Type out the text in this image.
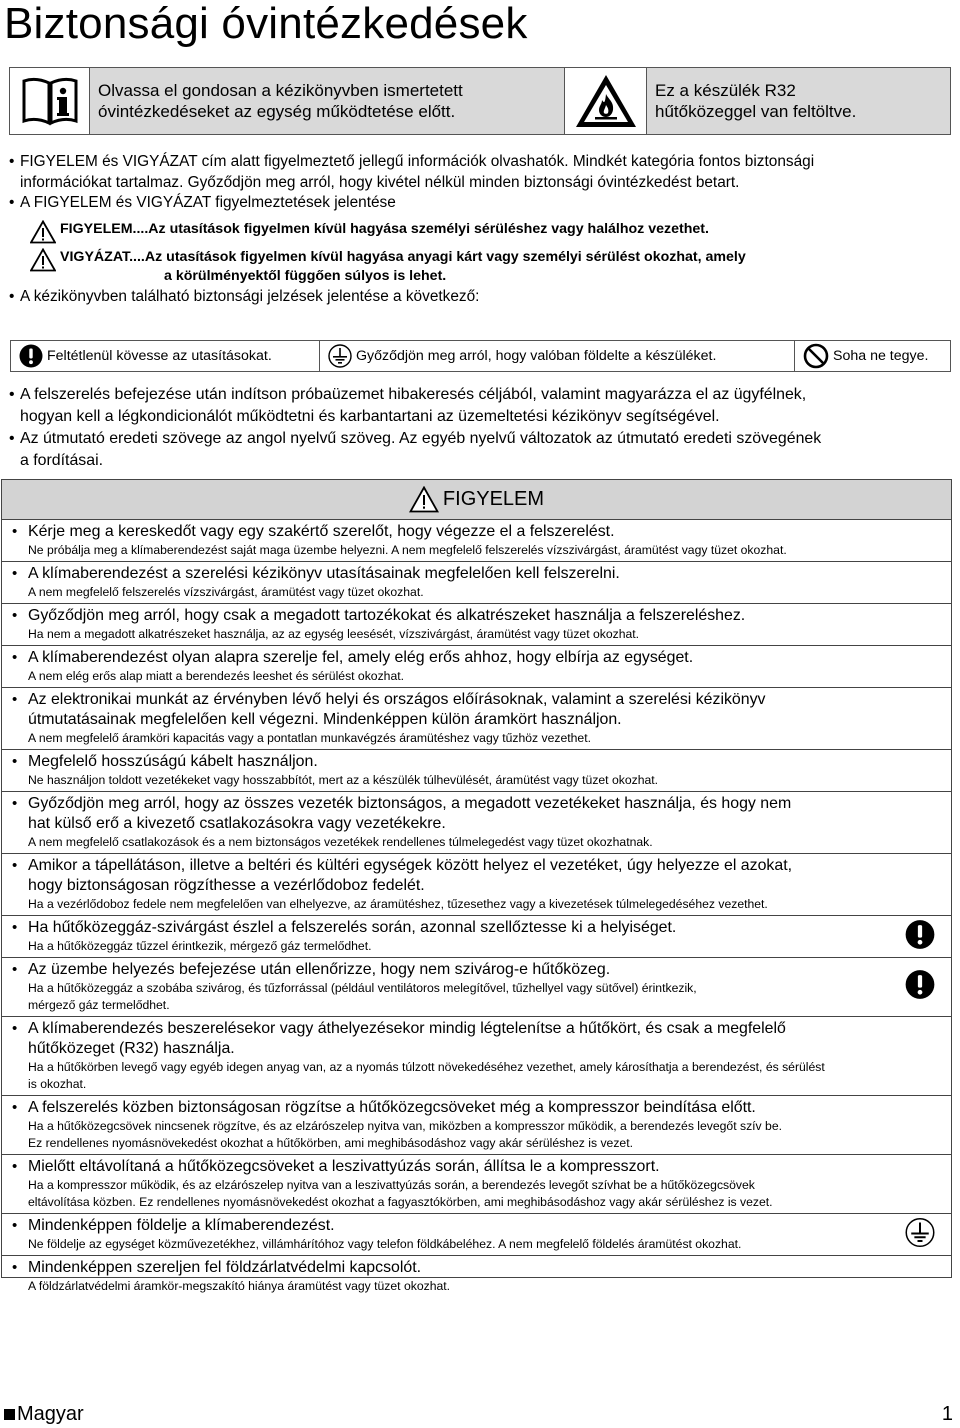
Biztonsági óvintézkedések
Olvassa el gondosan a kézikönyvben ismertetett
óvintézkedéseket az egység működtetése előtt.
Ez a készülék R32
hűtőközeggel van feltöltve.
• FIGYELEM és VIGYÁZAT cím alatt figyelmeztető jellegű információk olvashatók. Mindkét kategória fontos biztonsági
információkat tartalmaz. Győződjön meg arról, hogy kivétel nélkül minden biztonsági óvintézkedést betart.
• A FIGYELEM és VIGYÁZAT figyelmeztetések jelentése
FIGYELEM ....Az utasítások figyelmen kívül hagyása személyi sérüléshez vagy halálhoz vezethet.
VIGYÁZAT....Az utasítások figyelmen kívül hagyása anyagi kárt vagy személyi sérülést okozhat, amely
a körülményektől függően súlyos is lehet.
• A kézikönyvben található biztonsági jelzések jelentése a következő:
Feltétlenül kövesse az utasításokat.	Győződjön meg arról, hogy valóban földelte a készüléket.	Soha ne tegye.
• A felszerelés befejezése után indítson próbaüzemet hibakeresés céljából, valamint magyarázza el az ügyfélnek,
hogyan kell a légkondicionálót működtetni és karbantartani az üzemeltetési kézikönyv segítségével.
• Az útmutató eredeti szövege az angol nyelvű szöveg. Az egyéb nyelvű változatok az útmutató eredeti szövegének
a fordításai.
FIGYELEM
• Kérje meg a kereskedőt vagy egy szakértő szerelőt, hogy végezze el a felszerelést.
Ne próbálja meg a klímaberendezést saját maga üzembe helyezni. A nem megfelelő felszerelés vízszivárgást, áramütést vagy tüzet okozhat.
• A klímaberendezést a szerelési kézikönyv utasításainak megfelelően kell felszerelni.
A nem megfelelő felszerelés vízszivárgást, áramütést vagy tüzet okozhat.
• Győződjön meg arról, hogy csak a megadott tartozékokat és alkatrészeket használja a felszereléshez.
Ha nem a megadott alkatrészeket használja, az az egység leesését, vízszivárgást, áramütést vagy tüzet okozhat.
• A klímaberendezést olyan alapra szerelje fel, amely elég erős ahhoz, hogy elbírja az egységet.
A nem elég erős alap miatt a berendezés leeshet és sérülést okozhat.
• Az elektronikai munkát az érvényben lévő helyi és országos előírásoknak, valamint a szerelési kézikönyv
útmutatásainak megfelelően kell végezni. Mindenképpen külön áramkört használjon.
A nem megfelelő áramköri kapacitás vagy a pontatlan munkavégzés áramütéshez vagy tűzhöz vezethet.
• Megfelelő hosszúságú kábelt használjon.
Ne használjon toldott vezetékeket vagy hosszabbítót, mert az a készülék túlhevülését, áramütést vagy tüzet okozhat.
• Győződjön meg arról, hogy az összes vezeték biztonságos, a megadott vezetékeket használja, és hogy nem
hat külső erő a kivezető csatlakozásokra vagy vezetékekre.
A nem megfelelő csatlakozások és a nem biztonságos vezetékek rendellenes túlmelegedést vagy tüzet okozhatnak.
• Amikor a tápellátáson, illetve a beltéri és kültéri egységek között helyez el vezetéket, úgy helyezze el azokat,
hogy biztonságosan rögzíthesse a vezérlődoboz fedelét.
Ha a vezérlődoboz fedele nem megfelelően van elhelyezve, az áramütéshez, tűzesethez vagy a kivezetések túlmelegedéséhez vezethet.
• Ha hűtőközeggáz-szivárgást észlel a felszerelés során, azonnal szellőztesse ki a helyiséget.
Ha a hűtőközeggáz tűzzel érintkezik, mérgező gáz termelődhet.
• Az üzembe helyezés befejezése után ellenőrizze, hogy nem szivárog-e hűtőközeg.
Ha a hűtőközeggáz a szobába szivárog, és tűzforrással (például ventilátoros melegítővel, tűzhellyel vagy sütővel) érintkezik,
mérgező gáz termelődhet.
• A klímaberendezés beszerelésekor vagy áthelyezésekor mindig légtelenítse a hűtőkört, és csak a megfelelő
hűtőközeget (R32) használja.
Ha a hűtőkörben levegő vagy egyéb idegen anyag van, az a nyomás túlzott növekedéséhez vezethet, amely károsíthatja a berendezést, és sérülést
is okozhat.
• A felszerelés közben biztonságosan rögzítse a hűtőközegcsöveket még a kompresszor beindítása előtt.
Ha a hűtőközegcsövek nincsenek rögzítve, és az elzárószelep nyitva van, miközben a kompresszor működik, a berendezés levegőt szív be.
Ez rendellenes nyomásnövekedést okozhat a hűtőkörben, ami meghibásodáshoz vagy akár sérüléshez is vezet.
• Mielőtt eltávolítaná a hűtőközegcsöveket a leszivattyúzás során, állítsa le a kompresszort.
Ha a kompresszor működik, és az elzárószelep nyitva van a leszivattyúzás során, a berendezés levegőt szívhat be a hűtőközegcsövek
eltávolítása közben. Ez rendellenes nyomásnövekedést okozhat a fagyasztókörben, ami meghibásodáshoz vagy akár sérüléshez is vezet.
• Mindenképpen földelje a klímaberendezést.
Ne földelje az egységet közművezetékhez, villámhárítóhoz vagy telefon földkábeléhez. A nem megfelelő földelés áramütést okozhat.
• Mindenképpen szereljen fel földzárlatvédelmi kapcsolót.
A földzárlatvédelmi áramkör-megszakító hiánya áramütést vagy tüzet okozhat.
Magyar	1
